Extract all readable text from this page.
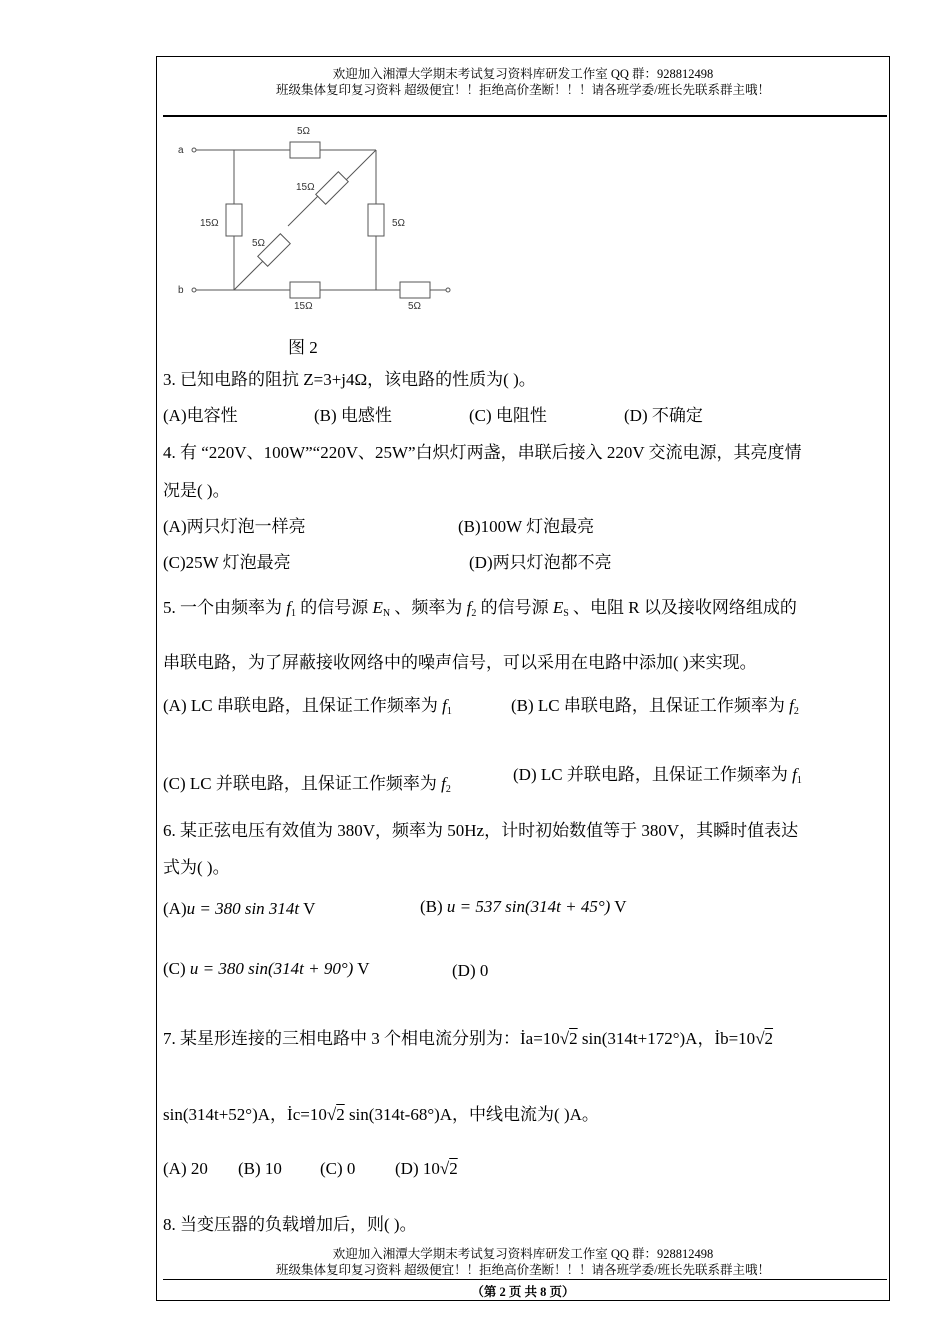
欢迎加入湘潭大学期末考试复习资料库研发工作室 QQ 群：928812498
班级集体复印复习资料 超级便宜！！拒绝高价垄断！！！请各班学委/班长先联系群主哦！
a
b
5Ω
15Ω
15Ω
5Ω
5Ω
15Ω	5Ω
图 2
3. 已知电路的阻抗 Z=3+j4Ω，该电路的性质为( )。
(A)电容性	(B) 电感性	(C) 电阻性	(D) 不确定
4. 有 “220V、100W”“220V、25W”白炽灯两盏，串联后接入 220V 交流电源，其亮度情
况是( )。
(A)两只灯泡一样亮	(B)100W 灯泡最亮
(C)25W 灯泡最亮	(D)两只灯泡都不亮
5. 一个由频率为 $f_1$ 的信号源 $E_N$ 、频率为 $f_2$ 的信号源 $E_S$ 、电阻 R 以及接收网络组成的
串联电路，为了屏蔽接收网络中的噪声信号，可以采用在电路中添加( )来实现。
(A) LC 串联电路，且保证工作频率为 $f_1$	(B) LC 串联电路，且保证工作频率为 $f_2$
(C) LC 并联电路，且保证工作频率为 $f_2$
(D) LC 并联电路，且保证工作频率为 $f_1$
6. 某正弦电压有效值为 380V，频率为 50Hz，计时初始数值等于 380V，其瞬时值表达
式为( )。
(A)u = 380 sin 314t V	(B) u = 537 sin(314t + 45°) V
(C) u = 380 sin(314t + 90°) V	(D) 0
7. 某星形连接的三相电路中 3 个相电流分别为：İa=10√2 sin(314t+172°)A，İb=10√2
sin(314t+52°)A，İc=10√2 sin(314t-68°)A，中线电流为( )A。
(A) 20 (B) 10 (C) 0 (D) 10√2
8. 当变压器的负载增加后，则( )。
欢迎加入湘潭大学期末考试复习资料库研发工作室 QQ 群：928812498
班级集体复印复习资料 超级便宜！！拒绝高价垄断！！！请各班学委/班长先联系群主哦！
（第 2 页 共 8 页）
